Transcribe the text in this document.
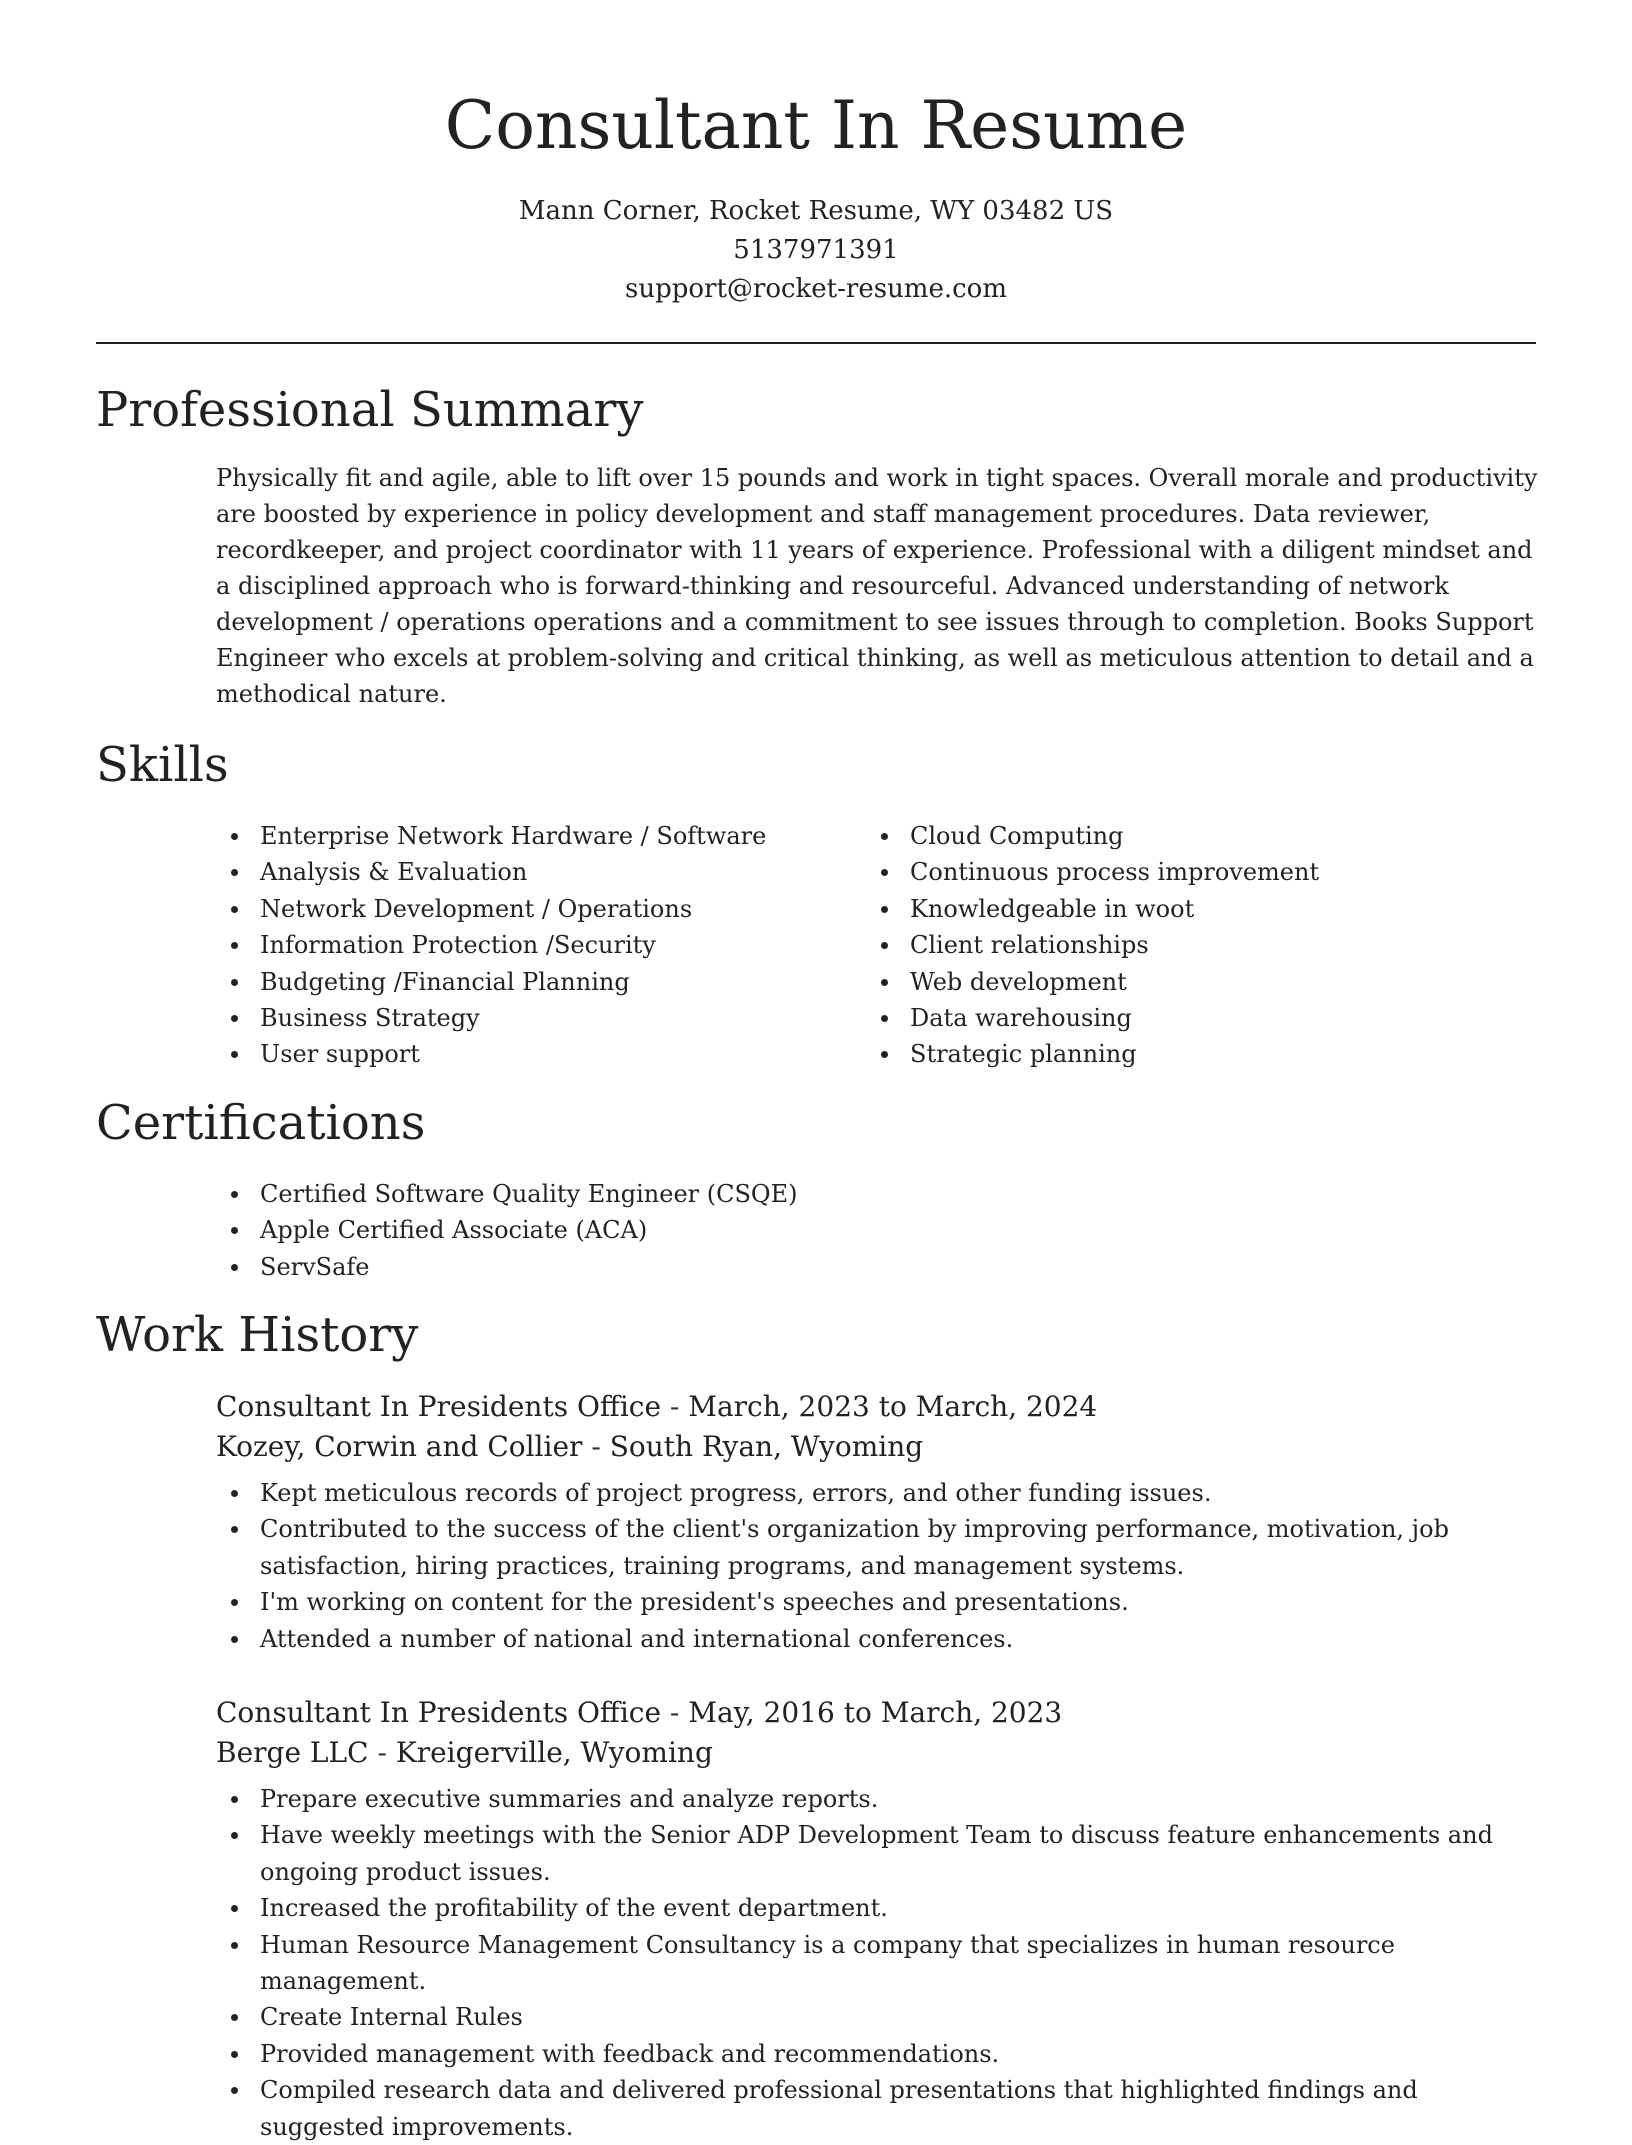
Consultant In Resume
Mann Corner, Rocket Resume, WY 03482 US
5137971391
support@rocket-resume.com
Professional Summary

Physically fit and agile, able to lift over 15 pounds and work in tight spaces. Overall morale and productivity are boosted by experience in policy development and staff management procedures. Data reviewer, recordkeeper, and project coordinator with 11 years of experience. Professional with a diligent mindset and a disciplined approach who is forward-thinking and resourceful. Advanced understanding of network development / operations operations and a commitment to see issues through to completion. Books Support Engineer who excels at problem-solving and critical thinking, as well as meticulous attention to detail and a methodical nature.

Skills
Enterprise Network Hardware / Software
Analysis & Evaluation
Network Development / Operations
Information Protection /Security
Budgeting /Financial Planning
Business Strategy
User support
Cloud Computing
Continuous process improvement
Knowledgeable in woot
Client relationships
Web development
Data warehousing
Strategic planning
Certifications
Certified Software Quality Engineer (CSQE)
Apple Certified Associate (ACA)
ServSafe
Work History
Consultant In Presidents Office - March, 2023 to March, 2024
Kozey, Corwin and Collier - South Ryan, Wyoming
Kept meticulous records of project progress, errors, and other funding issues.
Contributed to the success of the client's organization by improving performance, motivation, job satisfaction, hiring practices, training programs, and management systems.
I'm working on content for the president's speeches and presentations.
Attended a number of national and international conferences.
Consultant In Presidents Office - May, 2016 to March, 2023
Berge LLC - Kreigerville, Wyoming
Prepare executive summaries and analyze reports.
Have weekly meetings with the Senior ADP Development Team to discuss feature enhancements and ongoing product issues.
Increased the profitability of the event department.
Human Resource Management Consultancy is a company that specializes in human resource management.
Create Internal Rules
Provided management with feedback and recommendations.
Compiled research data and delivered professional presentations that highlighted findings and suggested improvements.
